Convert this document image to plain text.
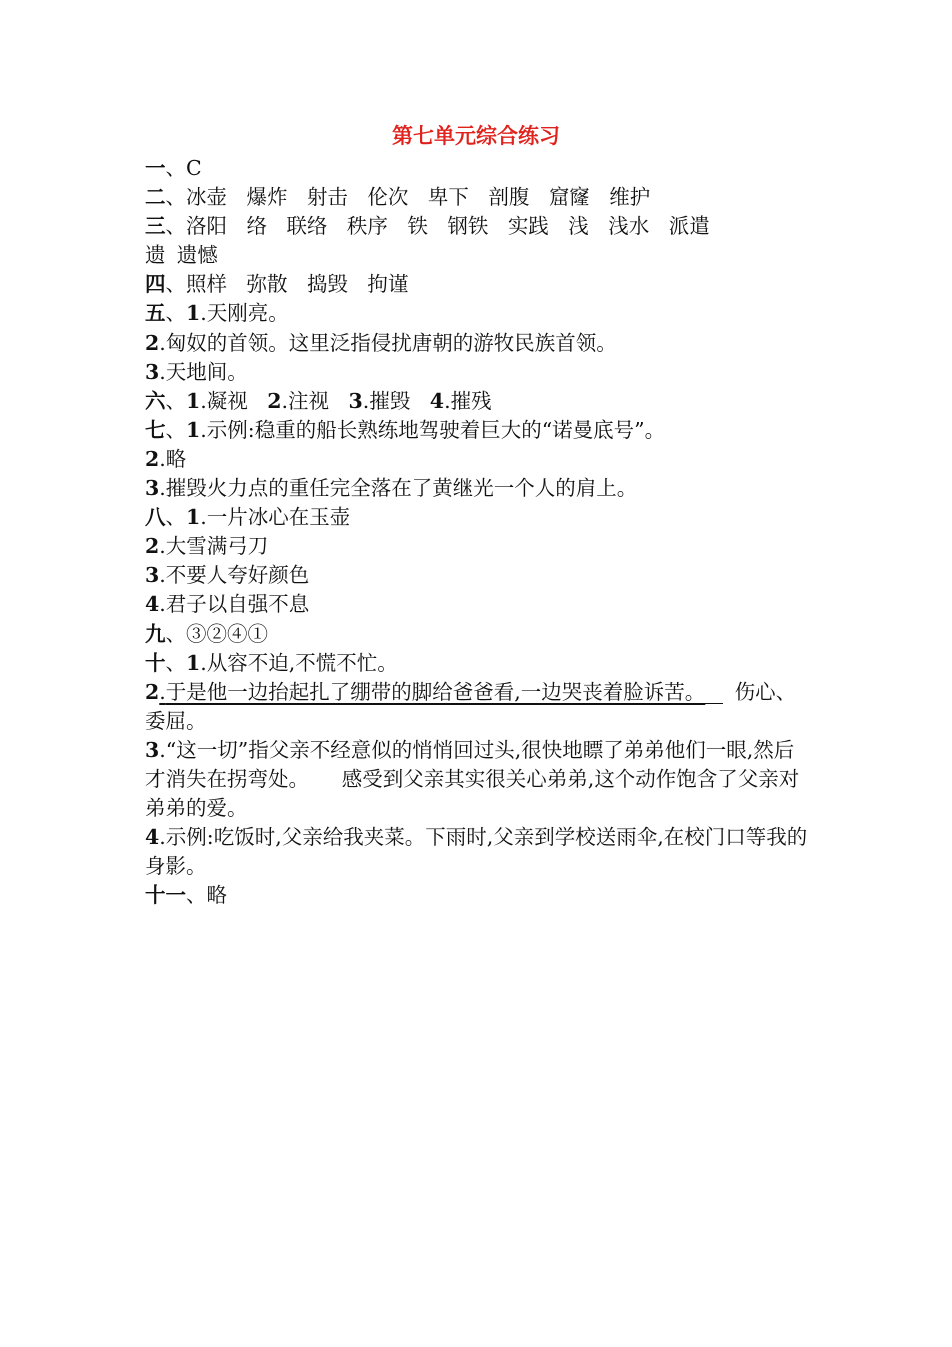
第七单元综合练习
一、C
二、冰壶 爆炸 射击 伦次 卑下 剖腹 窟窿 维护
三、洛阳 络 联络 秩序 铁 钢铁 实践 浅 浅水 派遣
遗 遗憾
四、照样 弥散 捣毁 拘谨
五、1.天刚亮。
2.匈奴的首领。这里泛指侵扰唐朝的游牧民族首领。
3.天地间。
六、1.凝视 2.注视 3.摧毁 4.摧残
七、1.示例:稳重的船长熟练地驾驶着巨大的“诺曼底号”。
2.略
3.摧毁火力点的重任完全落在了黄继光一个人的肩上。
八、1.一片冰心在玉壶
2.大雪满弓刀
3.不要人夸好颜色
4.君子以自强不息
九、③②④①
十、1.从容不迫,不慌不忙。
2.于是他一边抬起扎了绷带的脚给爸爸看,一边哭丧着脸诉苦。 伤心、委屈。
3.“这一切”指父亲不经意似的悄悄回过头,很快地瞟了弟弟他们一眼,然后才消失在拐弯处。 感受到父亲其实很关心弟弟,这个动作饱含了父亲对弟弟的爱。
4.示例:吃饭时,父亲给我夹菜。下雨时,父亲到学校送雨伞,在校门口等我的身影。
十一、略
